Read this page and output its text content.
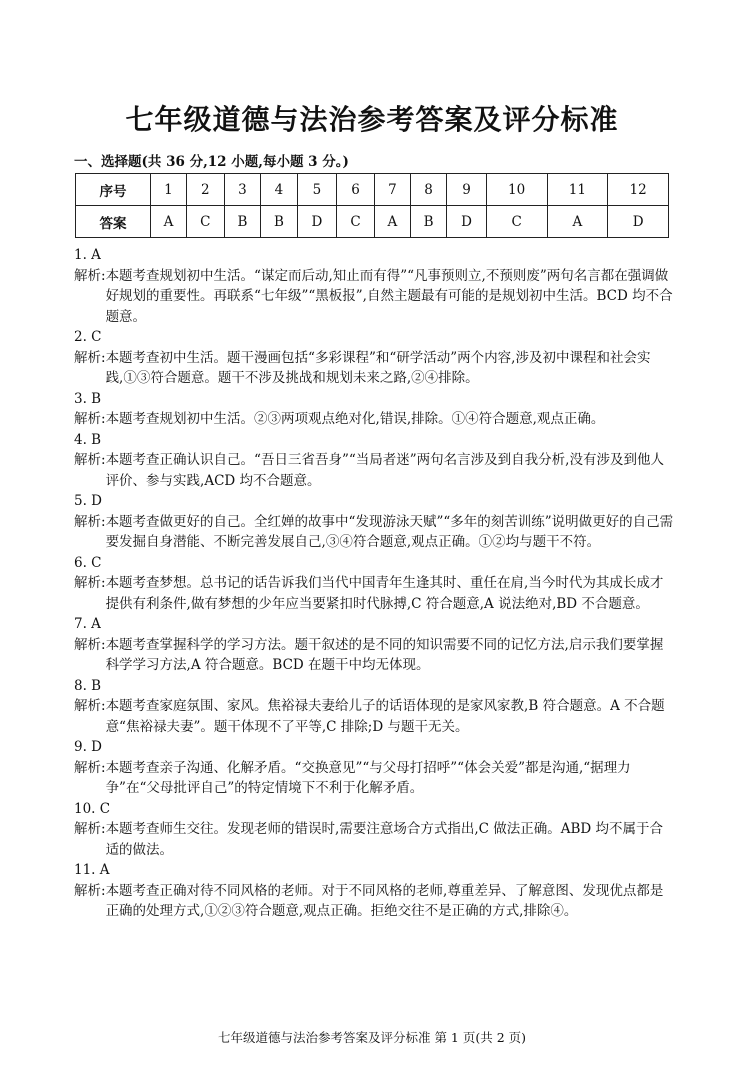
七年级道德与法治参考答案及评分标准
一、选择题(共 36 分,12 小题,每小题 3 分。)
序号	1	2	3	4	5	6	7	8	9	10	11	12
答案	A	C	B	B	D	C	A	B	D	C	A	D
1. A
解析: 本题考查规划初中生活。“谋定而后动,知止而有得”“凡事预则立,不预则废”两句名言都在强调做好规划的重要性。再联系“七年级”“黑板报”,自然主题最有可能的是规划初中生活。BCD 均不合题意。
2. C
解析: 本题考查初中生活。题干漫画包括“多彩课程”和“研学活动”两个内容,涉及初中课程和社会实践,①③符合题意。题干不涉及挑战和规划未来之路,②④排除。
3. B
解析: 本题考查规划初中生活。②③两项观点绝对化,错误,排除。①④符合题意,观点正确。
4. B
解析: 本题考查正确认识自己。“吾日三省吾身”“当局者迷”两句名言涉及到自我分析,没有涉及到他人评价、参与实践,ACD 均不合题意。
5. D
解析: 本题考查做更好的自己。全红婵的故事中“发现游泳天赋”“多年的刻苦训练”说明做更好的自己需要发掘自身潜能、不断完善发展自己,③④符合题意,观点正确。①②均与题干不符。
6. C
解析: 本题考查梦想。总书记的话告诉我们当代中国青年生逢其时、重任在肩,当今时代为其成长成才提供有利条件,做有梦想的少年应当要紧扣时代脉搏,C 符合题意,A 说法绝对,BD 不合题意。
7. A
解析: 本题考查掌握科学的学习方法。题干叙述的是不同的知识需要不同的记忆方法,启示我们要掌握科学学习方法,A 符合题意。BCD 在题干中均无体现。
8. B
解析: 本题考查家庭氛围、家风。焦裕禄夫妻给儿子的话语体现的是家风家教,B 符合题意。A 不合题意“焦裕禄夫妻”。题干体现不了平等,C 排除;D 与题干无关。
9. D
解析: 本题考查亲子沟通、化解矛盾。“交换意见”“与父母打招呼”“体会关爱”都是沟通,“据理力争”在“父母批评自己”的特定情境下不利于化解矛盾。
10. C
解析: 本题考查师生交往。发现老师的错误时,需要注意场合方式指出,C 做法正确。ABD 均不属于合适的做法。
11. A
解析: 本题考查正确对待不同风格的老师。对于不同风格的老师,尊重差异、了解意图、发现优点都是正确的处理方式,①②③符合题意,观点正确。拒绝交往不是正确的方式,排除④。
七年级道德与法治参考答案及评分标准 第 1 页(共 2 页)
